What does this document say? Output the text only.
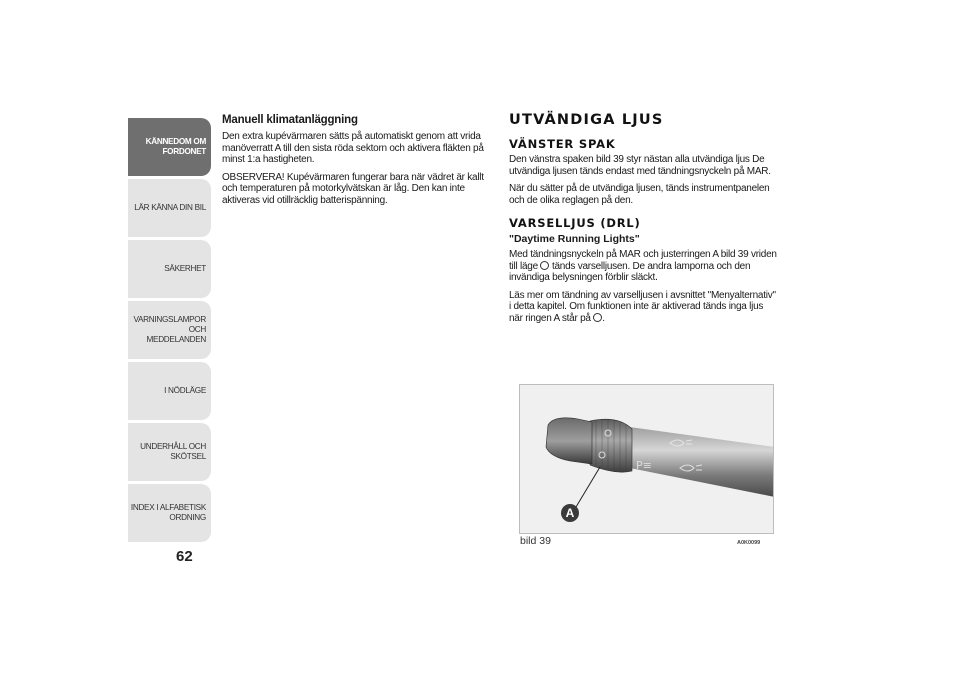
KÄNNEDOM OM
FORDONET
LÄR KÄNNA DIN BIL
SÄKERHET
VARNINGSLAMPOR
OCH MEDDELANDEN
I NÖDLÄGE
UNDERHÅLL OCH
SKÖTSEL
INDEX I ALFABETISK
ORDNING
62
Manuell klimatanläggning

Den extra kupévärmaren sätts på automatiskt genom att vrida manöverratt A till den sista röda sektorn och aktivera fläkten på minst 1:a hastigheten.

OBSERVERA! Kupévärmaren fungerar bara när vädret är kallt och temperaturen på motorkylvätskan är låg. Den kan inte aktiveras vid otillräcklig batterispänning.

UTVÄNDIGA LJUS
VÄNSTER SPAK

Den vänstra spaken bild 39 styr nästan alla utvändiga ljus De utvändiga ljusen tänds endast med tändningsnyckeln på MAR.

När du sätter på de utvändiga ljusen, tänds instrumentpanelen och de olika reglagen på den.

VARSELLJUS (DRL)
"Daytime Running Lights"

Med tändningsnyckeln på MAR och justerringen A bild 39 vriden till läge tänds varselljusen. De andra lamporna och den invändiga belysningen förblir släckt.

Läs mer om tändning av varselljusen i avsnittet "Menyalternativ" i detta kapitel. Om funktionen inte är aktiverad tänds inga ljus när ringen A står på .

P≡
A
bild 39	A0K0099
